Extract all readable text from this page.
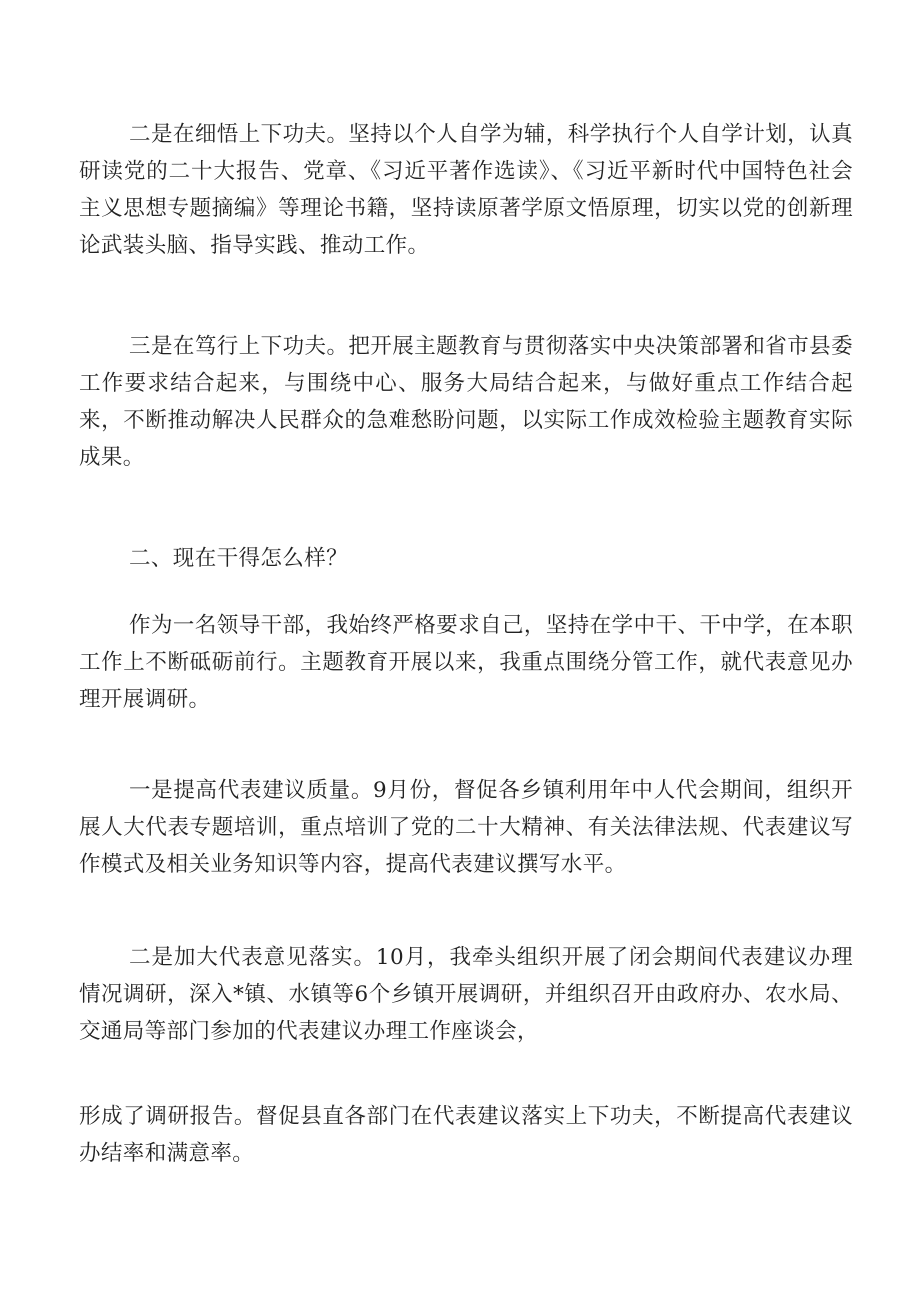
二是在细悟上下功夫。坚持以个人自学为辅，科学执行个人自学计划，认真研读党的二十大报告、党章、《习近平著作选读》、《习近平新时代中国特色社会主义思想专题摘编》等理论书籍，坚持读原著学原文悟原理，切实以党的创新理论武装头脑、指导实践、推动工作。

三是在笃行上下功夫。把开展主题教育与贯彻落实中央决策部署和省市县委工作要求结合起来，与围绕中心、服务大局结合起来，与做好重点工作结合起来，不断推动解决人民群众的急难愁盼问题，以实际工作成效检验主题教育实际成果。

二、现在干得怎么样？

作为一名领导干部，我始终严格要求自己，坚持在学中干、干中学，在本职工作上不断砥砺前行。主题教育开展以来，我重点围绕分管工作，就代表意见办理开展调研。

一是提高代表建议质量。9月份，督促各乡镇利用年中人代会期间，组织开展人大代表专题培训，重点培训了党的二十大精神、有关法律法规、代表建议写作模式及相关业务知识等内容，提高代表建议撰写水平。

二是加大代表意见落实。10月，我牵头组织开展了闭会期间代表建议办理情况调研，深入*镇、水镇等6个乡镇开展调研，并组织召开由政府办、农水局、交通局等部门参加的代表建议办理工作座谈会，

形成了调研报告。督促县直各部门在代表建议落实上下功夫，不断提高代表建议办结率和满意率。
